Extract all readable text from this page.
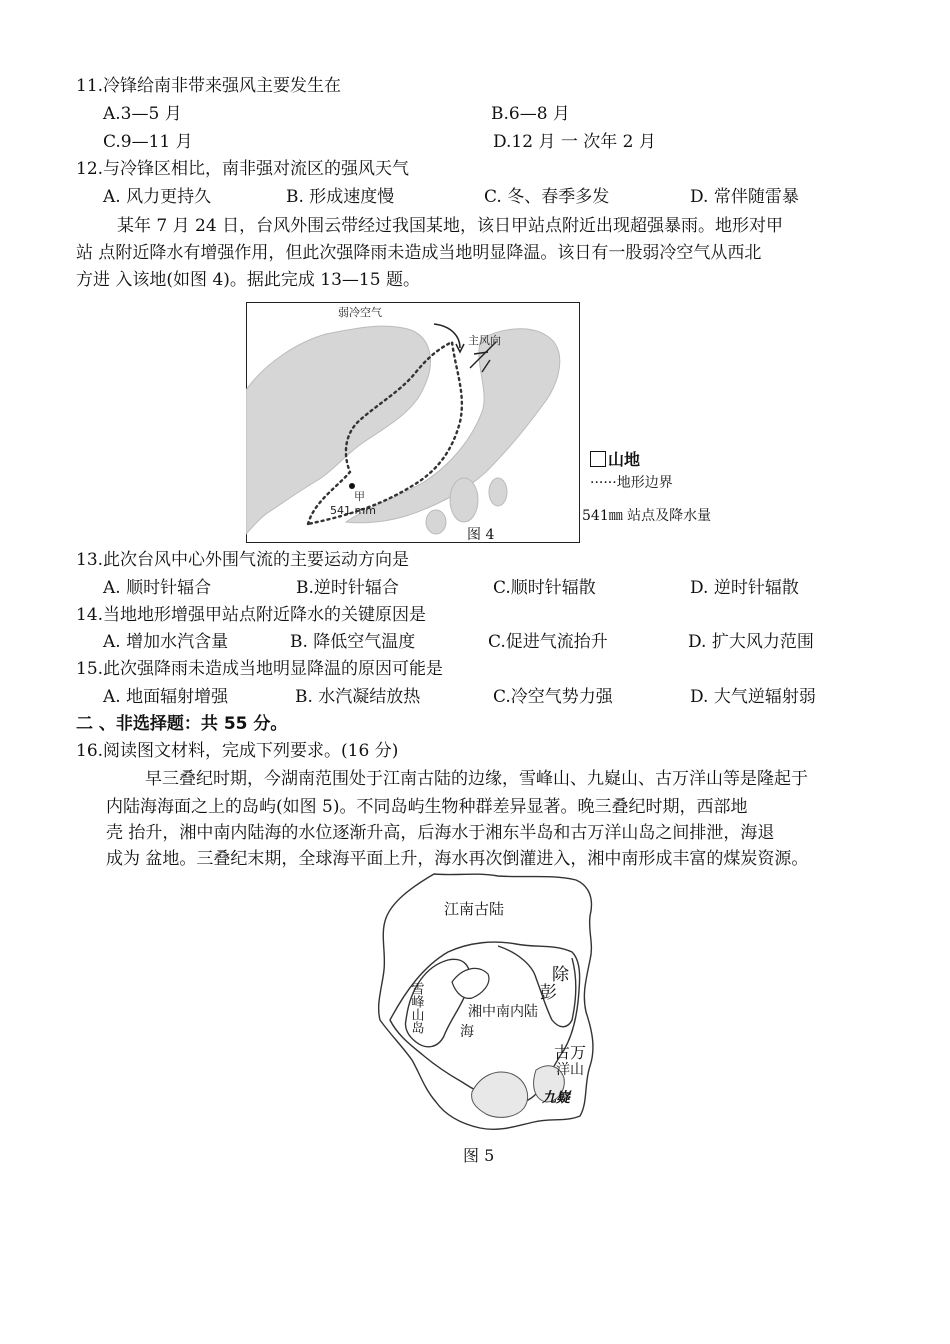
11.冷锋给南非带来强风主要发生在
A.3—5 月	B.6—8 月
C.9—11 月	D.12 月 一 次年 2 月
12.与冷锋区相比，南非强对流区的强风天气
A. 风力更持久	B. 形成速度慢	C. 冬、春季多发	D. 常伴随雷暴
某年 7 月 24 日，台风外围云带经过我国某地，该日甲站点附近出现超强暴雨。地形对甲
站 点附近降水有增强作用，但此次强降雨未造成当地明显降温。该日有一股弱冷空气从西北
方进 入该地(如图 4)。据此完成 13—15 题。
弱冷空气
主风向
甲
541 mm
图 4
山地
······地形边界
541㎜ 站点及降水量
13.此次台风中心外围气流的主要运动方向是
A. 顺时针辐合	B.逆时针辐合	C.顺时针辐散	D. 逆时针辐散
14.当地地形增强甲站点附近降水的关键原因是
A. 增加水汽含量	B. 降低空气温度	C.促进气流抬升	D. 扩大风力范围
15.此次强降雨未造成当地明显降温的原因可能是
A. 地面辐射增强	B. 水汽凝结放热	C.冷空气势力强	D. 大气逆辐射弱
二 、非选择题：共 55 分。
16.阅读图文材料，完成下列要求。(16 分)
早三叠纪时期，今湖南范围处于江南古陆的边缘，雪峰山、九嶷山、古万洋山等是隆起于
内陆海海面之上的岛屿(如图 5)。不同岛屿生物种群差异显著。晚三叠纪时期，西部地
壳 抬升，湘中南内陆海的水位逐渐升高，后海水于湘东半岛和古万洋山岛之间排泄，海退
成为 盆地。三叠纪末期，全球海平面上升，海水再次倒灌进入，湘中南形成丰富的煤炭资源。
江南古陆
雪峰山岛	湘中南内陆
海
除
彭
古万
洋山
九嶷
图 5
